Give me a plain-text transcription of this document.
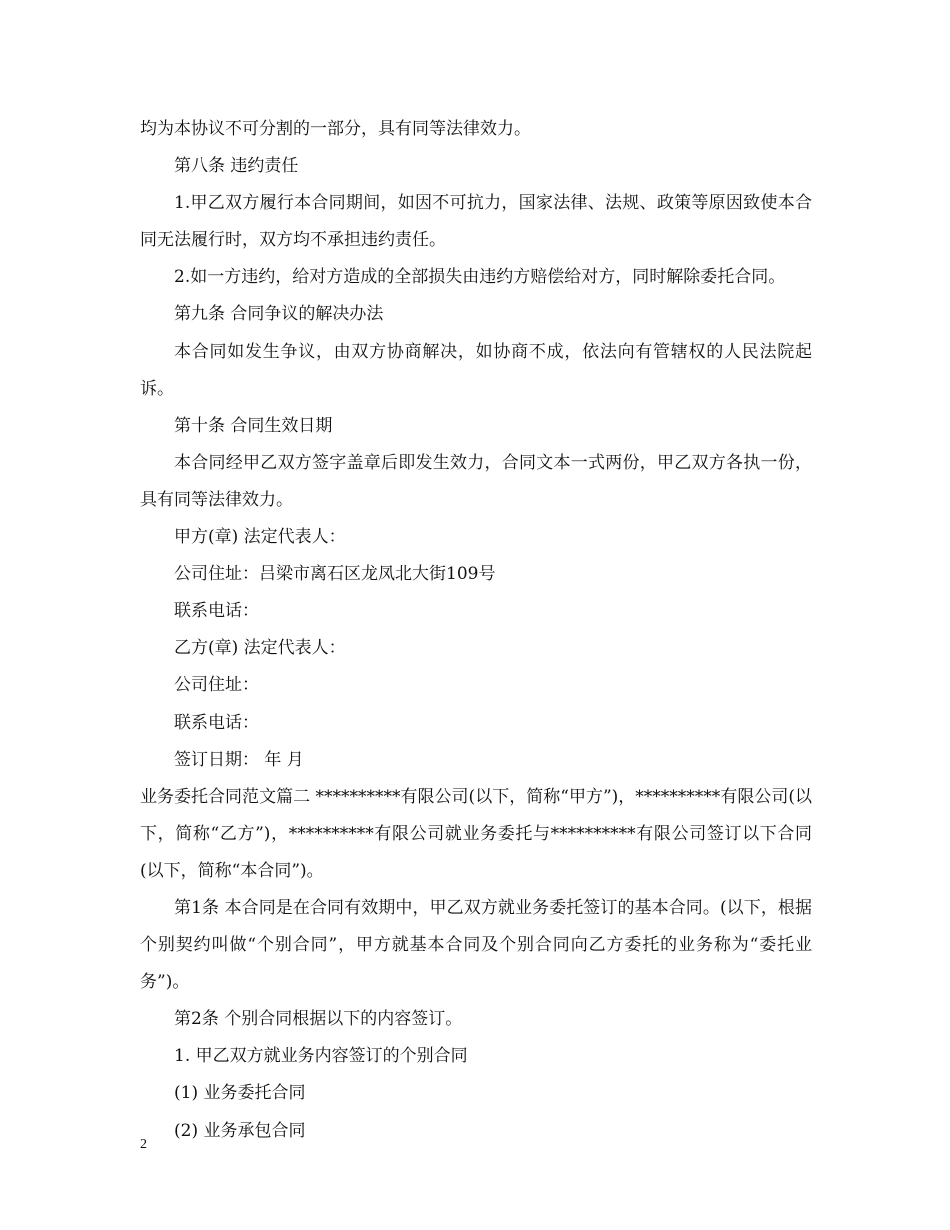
均为本协议不可分割的一部分，具有同等法律效力。

第八条 违约责任

1.甲乙双方履行本合同期间，如因不可抗力，国家法律、法规、政策等原因致使本合同无法履行时，双方均不承担违约责任。

2.如一方违约，给对方造成的全部损失由违约方赔偿给对方，同时解除委托合同。

第九条 合同争议的解决办法

本合同如发生争议，由双方协商解决，如协商不成，依法向有管辖权的人民法院起诉。

第十条 合同生效日期

本合同经甲乙双方签字盖章后即发生效力，合同文本一式两份，甲乙双方各执一份，具有同等法律效力。

甲方(章) 法定代表人：

公司住址：吕梁市离石区龙凤北大街109号

联系电话：

乙方(章) 法定代表人：

公司住址：

联系电话：

签订日期： 年 月

业务委托合同范文篇二 **********有限公司(以下，简称“甲方”)，**********有限公司(以下，简称“乙方”)，**********有限公司就业务委托与**********有限公司签订以下合同(以下，简称“本合同”)。

第1条 本合同是在合同有效期中，甲乙双方就业务委托签订的基本合同。(以下，根据个别契约叫做“个别合同”，甲方就基本合同及个别合同向乙方委托的业务称为“委托业务”)。

第2条 个别合同根据以下的内容签订。

1. 甲乙双方就业务内容签订的个别合同

(1) 业务委托合同

(2) 业务承包合同

2
